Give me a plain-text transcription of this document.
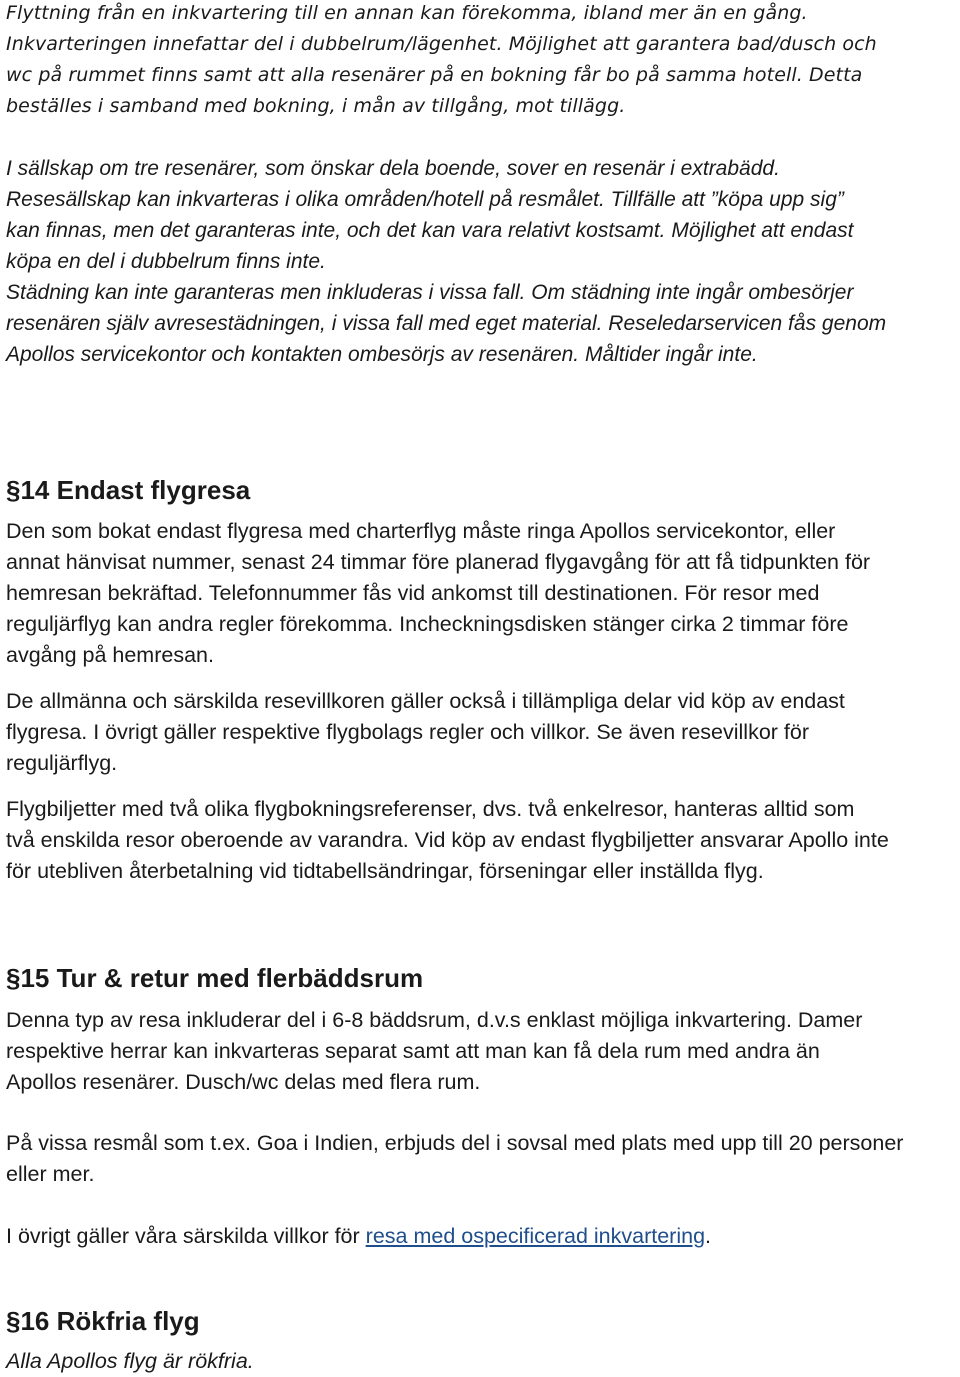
Flyttning från en inkvartering till en annan kan förekomma, ibland mer än en gång.
Inkvarteringen innefattar del i dubbelrum/lägenhet. Möjlighet att garantera bad/dusch och
wc på rummet finns samt att alla resenärer på en bokning får bo på samma hotell. Detta
beställes i samband med bokning, i mån av tillgång, mot tillägg.
I sällskap om tre resenärer, som önskar dela boende, sover en resenär i extrabädd.
Resesällskap kan inkvarteras i olika områden/hotell på resmålet. Tillfälle att ”köpa upp sig”
kan finnas, men det garanteras inte, och det kan vara relativt kostsamt. Möjlighet att endast
köpa en del i dubbelrum finns inte.
Städning kan inte garanteras men inkluderas i vissa fall. Om städning inte ingår ombesörjer
resenären själv avresestädningen, i vissa fall med eget material. Reseledarservicen fås genom
Apollos servicekontor och kontakten ombesörjs av resenären. Måltider ingår inte.
§14 Endast flygresa
Den som bokat endast flygresa med charterflyg måste ringa Apollos servicekontor, eller
annat hänvisat nummer, senast 24 timmar före planerad flygavgång för att få tidpunkten för
hemresan bekräftad. Telefonnummer fås vid ankomst till destinationen. För resor med
reguljärflyg kan andra regler förekomma. Incheckningsdisken stänger cirka 2 timmar före
avgång på hemresan.
De allmänna och särskilda resevillkoren gäller också i tillämpliga delar vid köp av endast
flygresa. I övrigt gäller respektive flygbolags regler och villkor. Se även resevillkor för
reguljärflyg.
Flygbiljetter med två olika flygbokningsreferenser, dvs. två enkelresor, hanteras alltid som
två enskilda resor oberoende av varandra. Vid köp av endast flygbiljetter ansvarar Apollo inte
för utebliven återbetalning vid tidtabellsändringar, förseningar eller inställda flyg.
§15 Tur & retur med flerbäddsrum
Denna typ av resa inkluderar del i 6-8 bäddsrum, d.v.s enklast möjliga inkvartering. Damer
respektive herrar kan inkvarteras separat samt att man kan få dela rum med andra än
Apollos resenärer. Dusch/wc delas med flera rum.
På vissa resmål som t.ex. Goa i Indien, erbjuds del i sovsal med plats med upp till 20 personer
eller mer.
I övrigt gäller våra särskilda villkor för resa med ospecificerad inkvartering.
§16 Rökfria flyg
Alla Apollos flyg är rökfria.
